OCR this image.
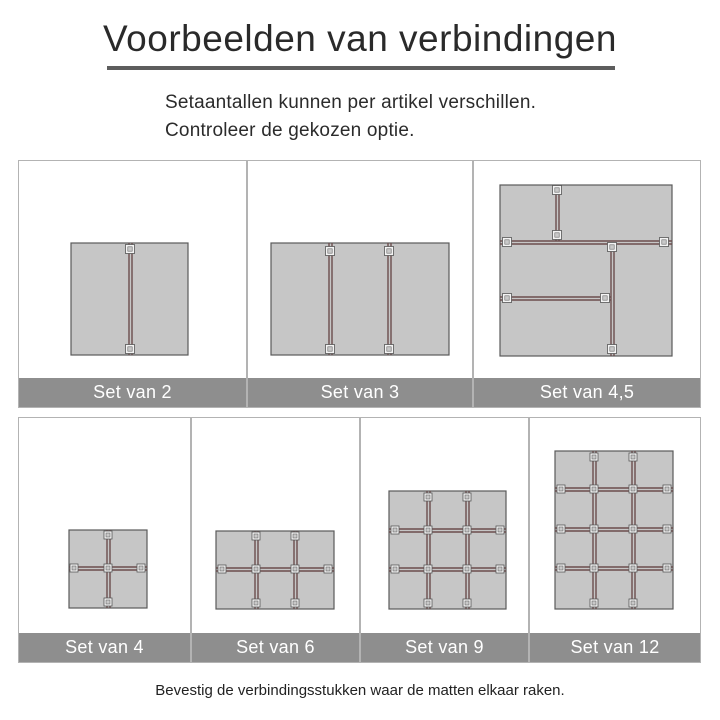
Voorbeelden van verbindingen
Setaantallen kunnen per artikel verschillen.
Controleer de gekozen optie.
Set van 2	Set van 3	Set van 4,5
Set van 4	Set van 6	Set van 9	Set van 12
Bevestig de verbindingsstukken waar de matten elkaar raken.
